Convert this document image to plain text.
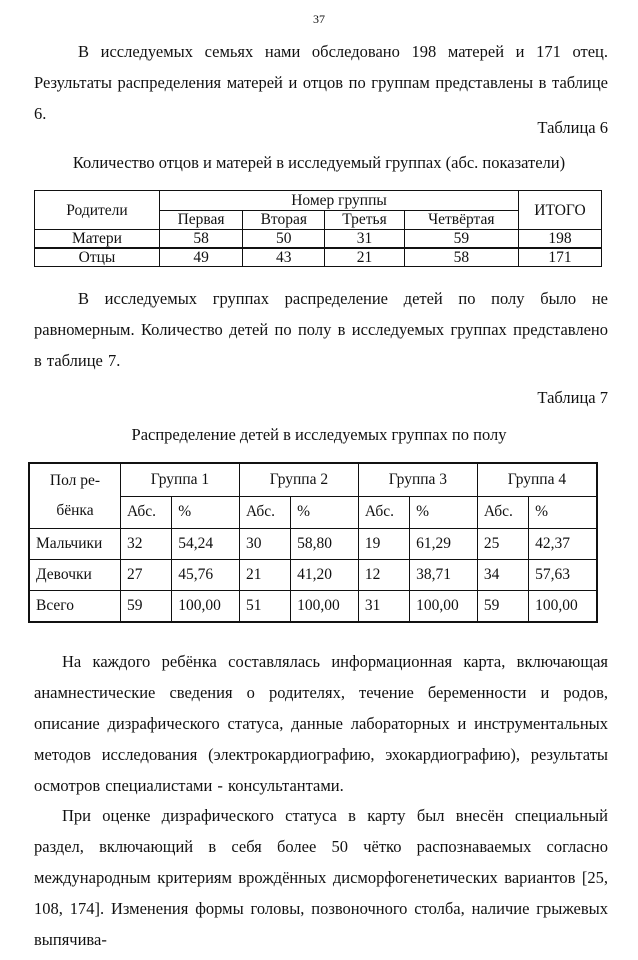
37

В исследуемых семьях нами обследовано 198 матерей и 171 отец. Результаты распределения матерей и отцов по группам представлены в таблице 6.

Таблица 6
Количество отцов и матерей в исследуемый группах (абс. показатели)
Родители	Номер группы				ИТОГО
	Первая	Вторая	Третья	Четвёртая	
Матери	58	50	31	59	198
Отцы	49	43	21	58	171

В исследуемых группах распределение детей по полу было не равномерным. Количество детей по полу в исследуемых группах представлено в таблице 7.

Таблица 7
Распределение детей в исследуемых группах по полу
Пол ре-
бёнка	Группа 1		Группа 2		Группа 3		Группа 4	
	Абс.	%	Абс.	%	Абс.	%	Абс.	%
Мальчики	32	54,24	30	58,80	19	61,29	25	42,37
Девочки	27	45,76	21	41,20	12	38,71	34	57,63
Всего	59	100,00	51	100,00	31	100,00	59	100,00

На каждого ребёнка составлялась информационная карта, включающая анамнестические сведения о родителях, течение беременности и родов, описание дизрафического статуса, данные лабораторных и инструментальных методов исследования (электрокардиографию, эхокардиографию), результаты осмотров специалистами - консультантами.

При оценке дизрафического статуса в карту был внесён специальный раздел, включающий в себя более 50 чётко распознаваемых согласно международным критериям врождённых дисморфогенетических вариантов [25, 108, 174]. Изменения формы головы, позвоночного столба, наличие грыжевых выпячива-
